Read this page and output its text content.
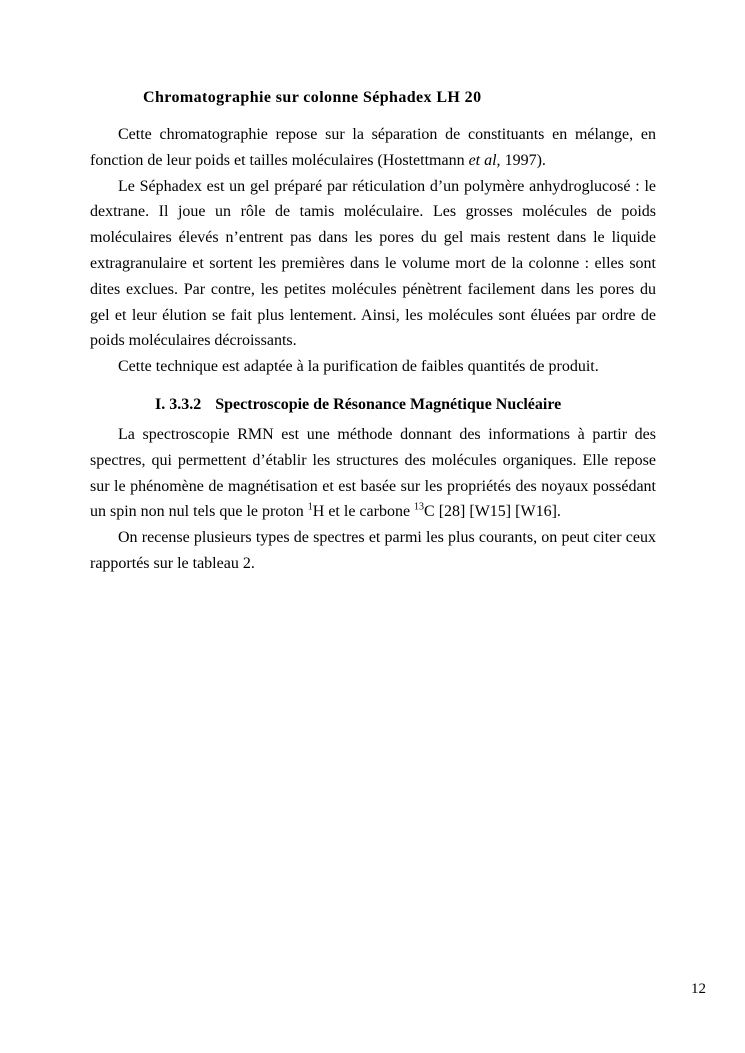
Chromatographie sur colonne Séphadex LH 20

Cette chromatographie repose sur la séparation de constituants en mélange, en fonction de leur poids et tailles moléculaires (Hostettmann et al, 1997).

Le Séphadex est un gel préparé par réticulation d’un polymère anhydroglucosé : le dextrane. Il joue un rôle de tamis moléculaire. Les grosses molécules de poids moléculaires élevés n’entrent pas dans les pores du gel mais restent dans le liquide extragranulaire et sortent les premières dans le volume mort de la colonne : elles sont dites exclues. Par contre, les petites molécules pénètrent facilement dans les pores du gel et leur élution se fait plus lentement. Ainsi, les molécules sont éluées par ordre de poids moléculaires décroissants.

Cette technique est adaptée à la purification de faibles quantités de produit.

I. 3.3.2 Spectroscopie de Résonance Magnétique Nucléaire

La spectroscopie RMN est une méthode donnant des informations à partir des spectres, qui permettent d’établir les structures des molécules organiques. Elle repose sur le phénomène de magnétisation et est basée sur les propriétés des noyaux possédant un spin non nul tels que le proton $^1$H et le carbone $^{13}$C [28] [W15] [W16].

On recense plusieurs types de spectres et parmi les plus courants, on peut citer ceux rapportés sur le tableau 2.

12
